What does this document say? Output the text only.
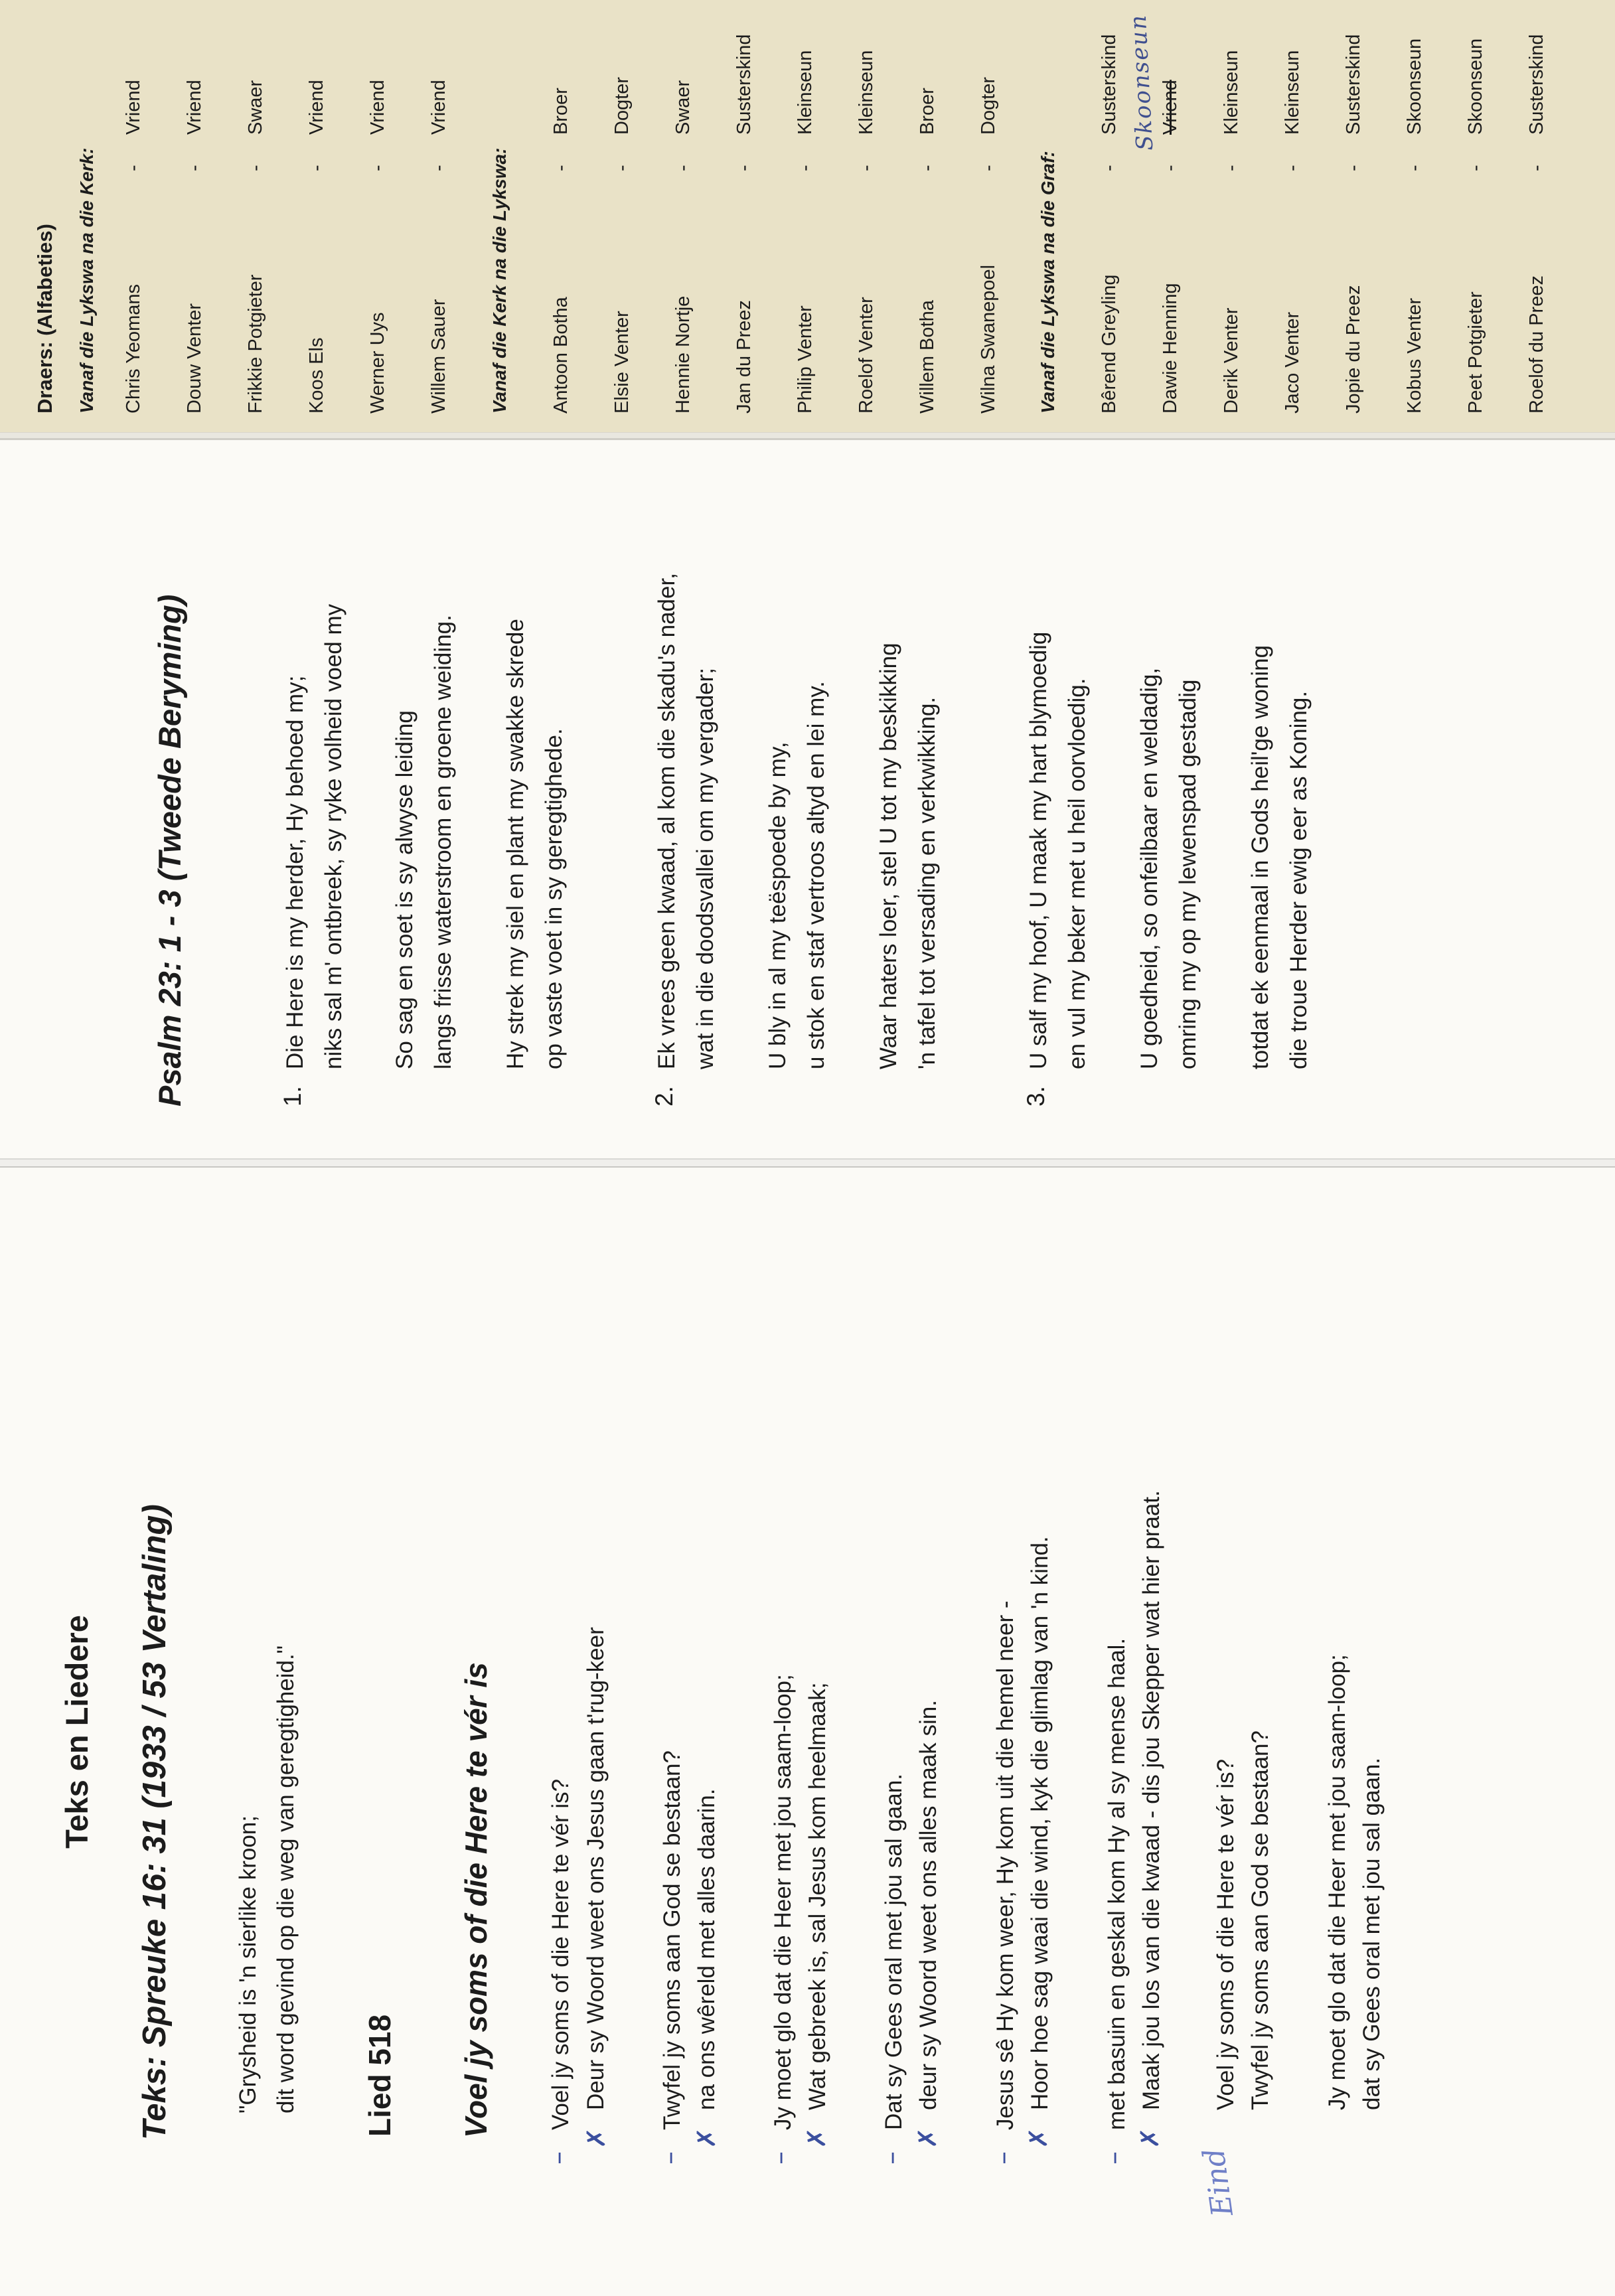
Teks en Liedere Teks: Spreuke 16: 31 (1933 / 53 Vertaling)	"Grysheid is 'n sierlike kroon; dit word gevind op die weg van geregtigheid." Lied 518 Voel jy soms of die Here te vér is
–
✗
Voel jy soms of die Here te vér is? Deur sy Woord weet ons Jesus gaan t'rug-keer
–
✗
Twyfel jy soms aan God se bestaan? na ons wêreld met alles daarin.
–
✗
Jy moet glo dat die Heer met jou saam-loop; Wat gebreek is, sal Jesus kom heelmaak;
–
✗
Dat sy Gees oral met jou sal gaan. deur sy Woord weet ons alles maak sin.
–
✗
Jesus sê Hy kom weer, Hy kom uit die hemel neer - Hoor hoe sag waai die wind, kyk die glimlag van 'n kind.
–
✗
met basuin en geskal kom Hy al sy mense haal. Maak jou los van die kwaad - dis jou Skepper wat hier praat. Voel jy soms of die Here te vér is? Twyfel jy soms aan God se bestaan? Jy moet glo dat die Heer met jou saam-loop; dat sy Gees oral met jou sal gaan.
Eind
Psalm 23: 1 - 3 (Tweede Beryming)	1.
Die Here is my herder, Hy behoed my; niks sal m' ontbreek, sy ryke volheid voed my So sag en soet is sy alwyse leiding langs frisse waterstroom en groene weiding. Hy strek my siel en plant my swakke skrede op vaste voet in sy geregtighede.
2.
Ek vrees geen kwaad, al kom die skadu's nader, wat in die doodsvallei om my vergader; U bly in al my teëspoede by my, u stok en staf vertroos altyd en lei my. Waar haters loer, stel U tot my beskikking 'n tafel tot versading en verkwikking.
3.
U salf my hoof, U maak my hart blymoedig en vul my beker met u heil oorvloedig. U goedheid, so onfeilbaar en weldadig, omring my op my lewenspad gestadig totdat ek eenmaal in Gods heil'ge woning die troue Herder ewig eer as Koning.
Draers: (Alfabeties) Vanaf die Lykswa na die Kerk: Chris Yeomans
-
Vriend
Douw Venter
-
Vriend
Frikkie Potgieter
-
Swaer
Koos Els
-
Vriend
Werner Uys
-
Vriend
Willem Sauer
-
Vriend
Vanaf die Kerk na die Lykswa: Antoon Botha
-
Broer
Elsie Venter
-
Dogter
Hennie Nortje
-
Swaer
Jan du Preez
-
Susterskind
Philip Venter
-
Kleinseun
Roelof Venter
-
Kleinseun
Willem Botha
-
Broer
Wilna Swanepoel
-
Dogter
Vanaf die Lykswa na die Graf: Bêrend Greyling
-
Susterskind
Dawie Henning
-
Vriend
Skoonseun
Derik Venter
-
Kleinseun
Jaco Venter
-
Kleinseun
Jopie du Preez
-
Susterskind
Kobus Venter
-
Skoonseun
Peet Potgieter
-
Skoonseun
Roelof du Preez
-
Susterskind
